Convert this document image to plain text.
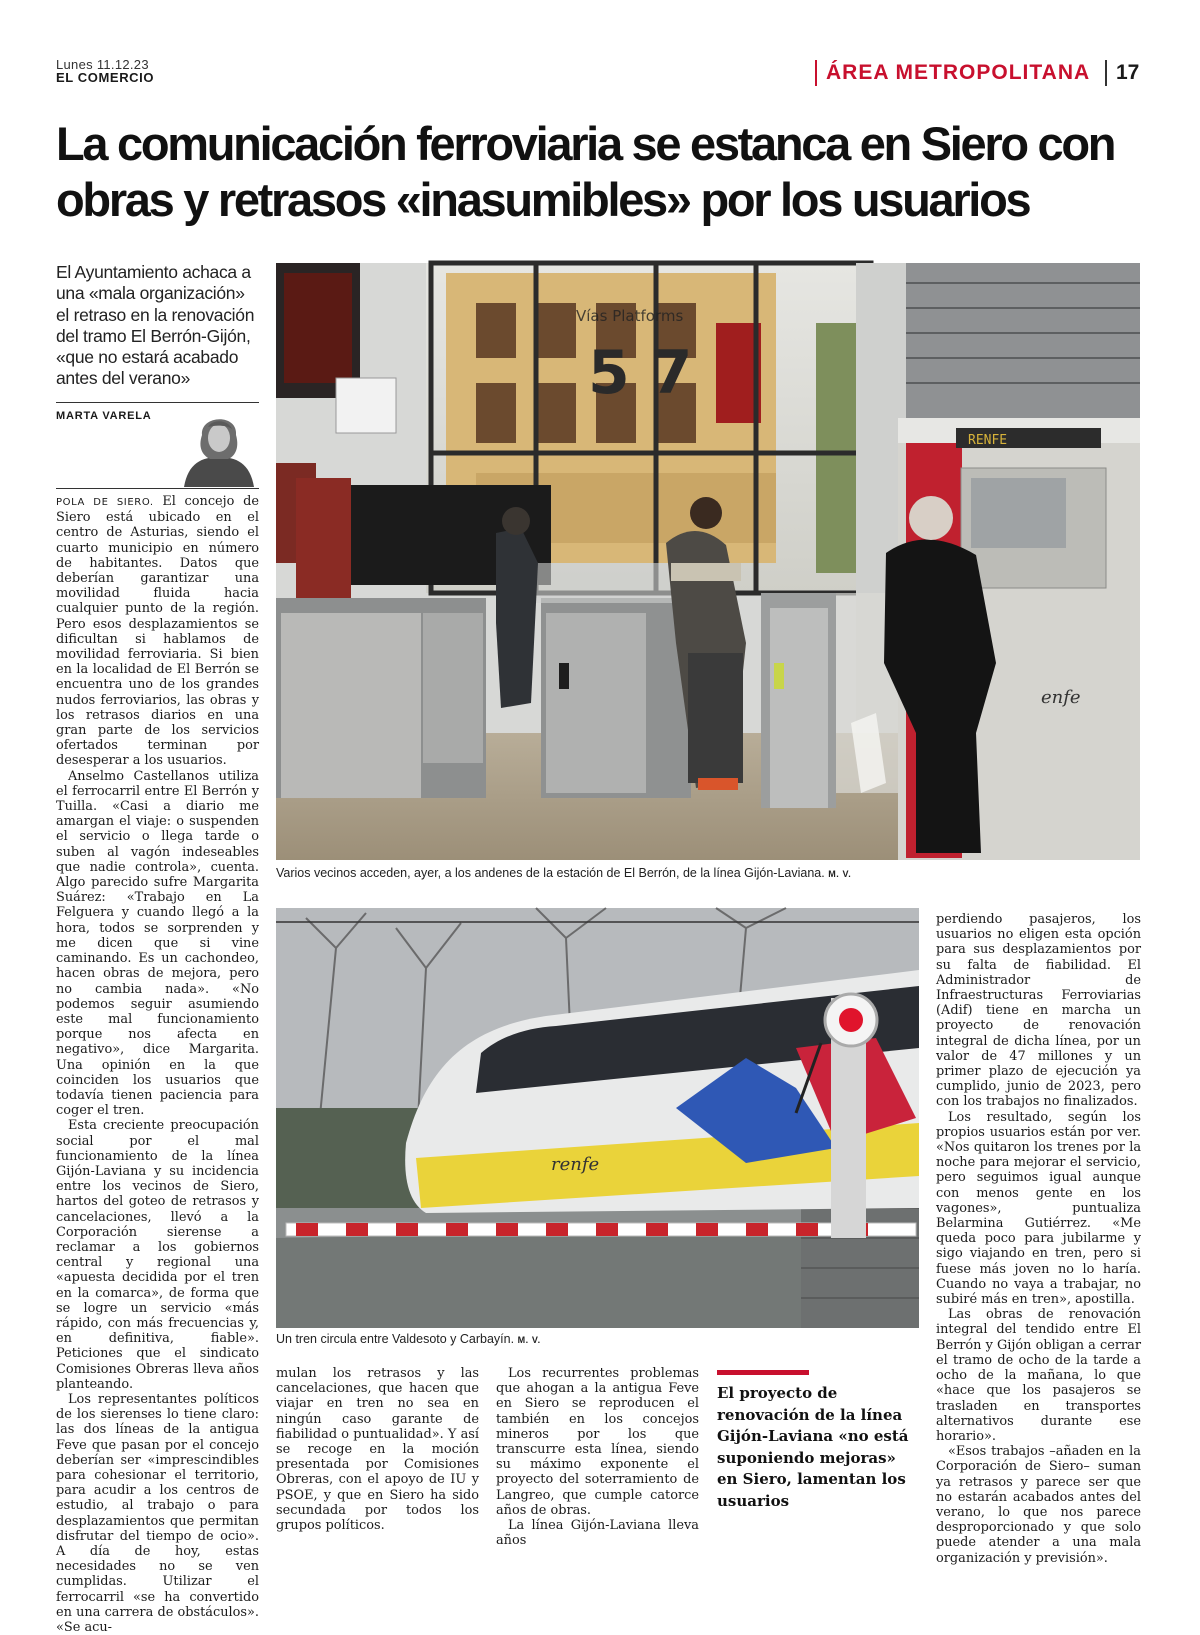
Lunes 11.12.23
EL COMERCIO	ÁREA METROPOLITANA 17
La comunicación ferroviaria se estanca en Siero con obras y retrasos «inasumibles» por los usuarios
El Ayuntamiento achaca a una «mala organización» el retraso en la renovación del tramo El Berrón-Gijón, «que no estará acabado antes del verano»
MARTA VARELA
Vías Platforms
5 7
RENFE
enfe
Varios vecinos acceden, ayer, a los andenes de la estación de El Berrón, de la línea Gijón-Laviana. M. V.
renfe
Un tren circula entre Valdesoto y Carbayín. M. V.

POLA DE SIERO. El concejo de Siero está ubicado en el centro de Asturias, siendo el cuarto municipio en número de habitantes. Datos que deberían garantizar una movilidad fluida hacia cualquier punto de la región. Pero esos desplazamientos se dificultan si hablamos de movilidad ferroviaria. Si bien en la localidad de El Berrón se encuentra uno de los grandes nudos ferroviarios, las obras y los retrasos diarios en una gran parte de los servicios ofertados terminan por desesperar a los usuarios.

Anselmo Castellanos utiliza el ferrocarril entre El Berrón y Tuilla. «Casi a diario me amargan el viaje: o suspenden el servicio o llega tarde o suben al vagón indeseables que nadie controla», cuenta. Algo parecido sufre Margarita Suárez: «Trabajo en La Felguera y cuando llegó a la hora, todos se sorprenden y me dicen que si vine caminando. Es un cachondeo, hacen obras de mejora, pero no cambia nada». «No podemos seguir asumiendo este mal funcionamiento porque nos afecta en negativo», dice Margarita. Una opinión en la que coinciden los usuarios que todavía tienen paciencia para coger el tren.

Esta creciente preocupación social por el mal funcionamiento de la línea Gijón-Laviana y su incidencia entre los vecinos de Siero, hartos del goteo de retrasos y cancelaciones, llevó a la Corporación sierense a reclamar a los gobiernos central y regional una «apuesta decidida por el tren en la comarca», de forma que se logre un servicio «más rápido, con más frecuencias y, en definitiva, fiable». Peticiones que el sindicato Comisiones Obreras lleva años planteando.

Los representantes políticos de los sierenses lo tiene claro: las dos líneas de la antigua Feve que pasan por el concejo deberían ser «imprescindibles para cohesionar el territorio, para acudir a los centros de estudio, al trabajo o para desplazamientos que permitan disfrutar del tiempo de ocio». A día de hoy, estas necesidades no se ven cumplidas. Utilizar el ferrocarril «se ha convertido en una carrera de obstáculos». «Se acu-

mulan los retrasos y las cancelaciones, que hacen que viajar en tren no sea en ningún caso garante de fiabilidad o puntualidad». Y así se recoge en la moción presentada por Comisiones Obreras, con el apoyo de IU y PSOE, y que en Siero ha sido secundada por todos los grupos políticos.

Los recurrentes problemas que ahogan a la antigua Feve en Siero se reproducen el también en los concejos mineros por los que transcurre esta línea, siendo su máximo exponente el proyecto del soterramiento de Langreo, que cumple catorce años de obras.

La línea Gijón-Laviana lleva años

El proyecto de renovación de la línea Gijón-Laviana «no está suponiendo mejoras» en Siero, lamentan los usuarios

perdiendo pasajeros, los usuarios no eligen esta opción para sus desplazamientos por su falta de fiabilidad. El Administrador de Infraestructuras Ferroviarias (Adif) tiene en marcha un proyecto de renovación integral de dicha línea, por un valor de 47 millones y un primer plazo de ejecución ya cumplido, junio de 2023, pero con los trabajos no finalizados.

Los resultado, según los propios usuarios están por ver. «Nos quitaron los trenes por la noche para mejorar el servicio, pero seguimos igual aunque con menos gente en los vagones», puntualiza Belarmina Gutiérrez. «Me queda poco para jubilarme y sigo viajando en tren, pero si fuese más joven no lo haría. Cuando no vaya a trabajar, no subiré más en tren», apostilla.

Las obras de renovación integral del tendido entre El Berrón y Gijón obligan a cerrar el tramo de ocho de la tarde a ocho de la mañana, lo que «hace que los pasajeros se trasladen en transportes alternativos durante ese horario».

«Esos trabajos –añaden en la Corporación de Siero– suman ya retrasos y parece ser que no estarán acabados antes del verano, lo que nos parece desproporcionado y que solo puede atender a una mala organización y previsión».
